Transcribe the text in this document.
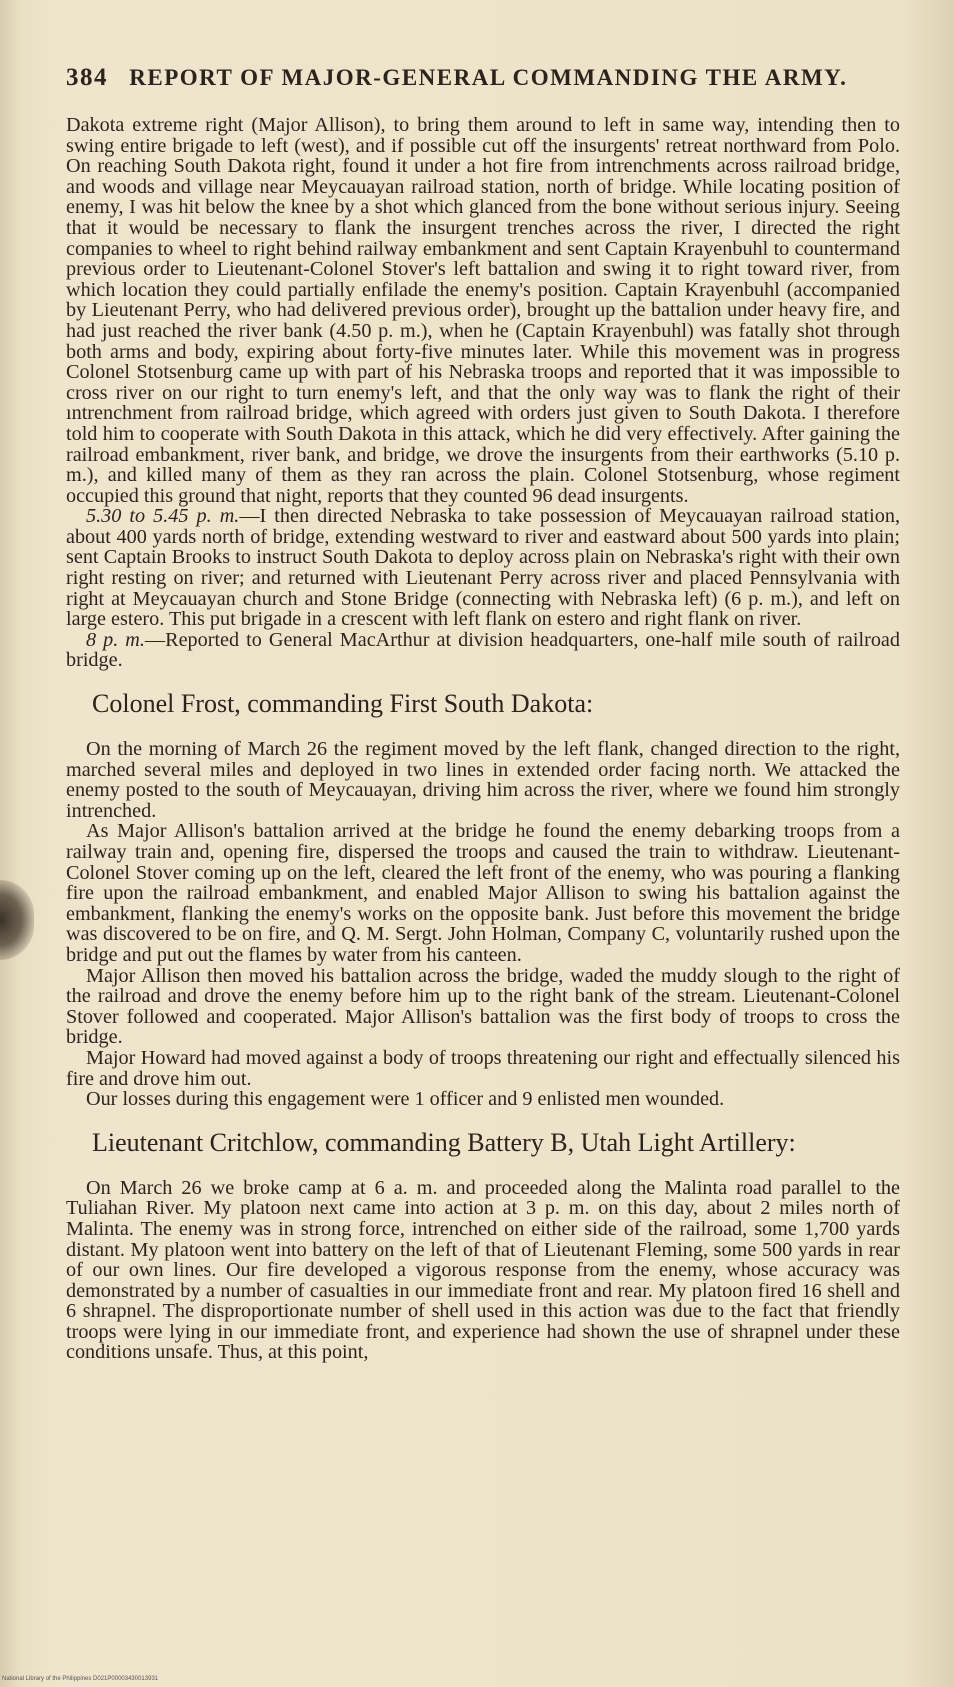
384 REPORT OF MAJOR-GENERAL COMMANDING THE ARMY.

Dakota extreme right (Major Allison), to bring them around to left in same way, intending then to swing entire brigade to left (west), and if possible cut off the insurgents' retreat northward from Polo. On reaching South Dakota right, found it under a hot fire from intrenchments across railroad bridge, and woods and village near Meycauayan railroad station, north of bridge. While locating position of enemy, I was hit below the knee by a shot which glanced from the bone without serious injury. Seeing that it would be necessary to flank the insurgent trenches across the river, I directed the right companies to wheel to right behind railway embankment and sent Captain Krayenbuhl to countermand previous order to Lieutenant-Colonel Stover's left battalion and swing it to right toward river, from which location they could partially enfilade the enemy's position. Captain Krayenbuhl (accompanied by Lieutenant Perry, who had delivered previous order), brought up the battalion under heavy fire, and had just reached the river bank (4.50 p. m.), when he (Captain Krayenbuhl) was fatally shot through both arms and body, expiring about forty-five minutes later. While this movement was in progress Colonel Stotsenburg came up with part of his Nebraska troops and reported that it was impossible to cross river on our right to turn enemy's left, and that the only way was to flank the right of their ıntrenchment from railroad bridge, which agreed with orders just given to South Dakota. I therefore told him to cooperate with South Dakota in this attack, which he did very effectively. After gaining the railroad embankment, river bank, and bridge, we drove the insurgents from their earthworks (5.10 p. m.), and killed many of them as they ran across the plain. Colonel Stotsenburg, whose regiment occupied this ground that night, reports that they counted 96 dead insurgents.

5.30 to 5.45 p. m.—I then directed Nebraska to take possession of Meycauayan railroad station, about 400 yards north of bridge, extending westward to river and eastward about 500 yards into plain; sent Captain Brooks to instruct South Dakota to deploy across plain on Nebraska's right with their own right resting on river; and returned with Lieutenant Perry across river and placed Pennsylvania with right at Meycauayan church and Stone Bridge (connecting with Nebraska left) (6 p. m.), and left on large estero. This put brigade in a crescent with left flank on estero and right flank on river.

8 p. m.—Reported to General MacArthur at division headquarters, one-half mile south of railroad bridge.

Colonel Frost, commanding First South Dakota:

On the morning of March 26 the regiment moved by the left flank, changed direction to the right, marched several miles and deployed in two lines in extended order facing north. We attacked the enemy posted to the south of Meycauayan, driving him across the river, where we found him strongly intrenched.

As Major Allison's battalion arrived at the bridge he found the enemy debarking troops from a railway train and, opening fire, dispersed the troops and caused the train to withdraw. Lieutenant-Colonel Stover coming up on the left, cleared the left front of the enemy, who was pouring a flanking fire upon the railroad embankment, and enabled Major Allison to swing his battalion against the embankment, flanking the enemy's works on the opposite bank. Just before this movement the bridge was discovered to be on fire, and Q. M. Sergt. John Holman, Company C, voluntarily rushed upon the bridge and put out the flames by water from his canteen.

Major Allison then moved his battalion across the bridge, waded the muddy slough to the right of the railroad and drove the enemy before him up to the right bank of the stream. Lieutenant-Colonel Stover followed and cooperated. Major Allison's battalion was the first body of troops to cross the bridge.

Major Howard had moved against a body of troops threatening our right and effectually silenced his fire and drove him out.

Our losses during this engagement were 1 officer and 9 enlisted men wounded.

Lieutenant Critchlow, commanding Battery B, Utah Light Artillery:

On March 26 we broke camp at 6 a. m. and proceeded along the Malinta road parallel to the Tuliahan River. My platoon next came into action at 3 p. m. on this day, about 2 miles north of Malinta. The enemy was in strong force, intrenched on either side of the railroad, some 1,700 yards distant. My platoon went into battery on the left of that of Lieutenant Fleming, some 500 yards in rear of our own lines. Our fire developed a vigorous response from the enemy, whose accuracy was demonstrated by a number of casualties in our immediate front and rear. My platoon fired 16 shell and 6 shrapnel. The disproportionate number of shell used in this action was due to the fact that friendly troops were lying in our immediate front, and experience had shown the use of shrapnel under these conditions unsafe. Thus, at this point,

National Library of the Philippines D021P00003430013931
